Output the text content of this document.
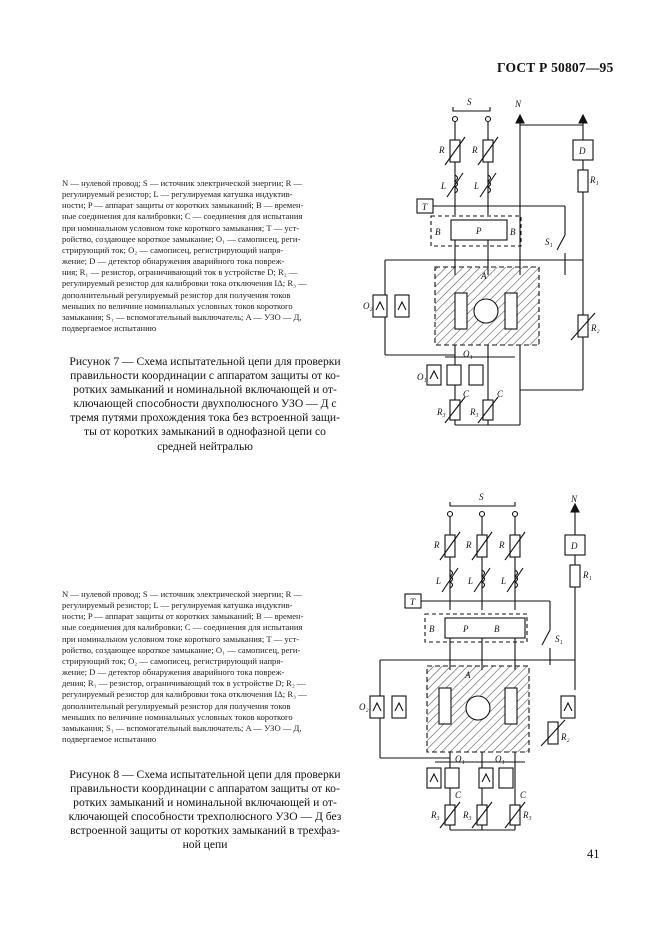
ГОСТ Р 50807—95

N — нулевой провод; S — источник электрической энергии; R —
регулируемый резистор; L — регулируемая катушка индуктив-
ности; P — аппарат защиты от коротких замыканий; B — времен-
ные соединения для калибровки; C — соединения для испытания
при номинальном условном токе короткого замыкания; T — уст-
ройство, создающее короткое замыкание; O₁ — самописец, реги-
стрирующий ток; O₂ — самописец, регистрирующий напря-
жение; D — детектор обнаружения аварийного тока повреж-
ния; R₁ — резистор, ограничивающий ток в устройстве D; R₂ —
регулируемый резистор для калибровки тока отключения IΔ; R₃ —
дополнительный регулируемый резистор для получения токов
меньших по величине номинальных условных токов короткого
замыкания; S₁ — вспомогательный выключатель; A — УЗО — Д,
подвергаемое испытанию

Рисунок 7 — Схема испытательной цепи для проверки
правильности координации с аппаратом защиты от ко-
ротких замыканий и номинальной включающей и от-
ключающей способности двухполюсного УЗО — Д с
тремя путями прохождения тока без встроенной защи-
ты от коротких замыканий в однофазной цепи со
средней нейтралью

S	N
R	R
L	L
D
R₁
T
P
B	B
S₁
A
O₂
R₂
O₁
O₁
C	C
R₃	R₃

N — нулевой провод; S — источник электрической энергии; R —
регулируемый резистор; L — регулируемая катушка индуктив-
ности; P — аппарат защиты от коротких замыканий; B — времен-
ные соединения для калибровки; C — соединения для испытания
при номинальном условном токе короткого замыкания; T — уст-
ройство, создающее короткое замыкание; O₁ — самописец, реги-
стрирующий ток; O₂ — самописец, регистрирующий напря-
жение; D — детектор обнаружения аварийного тока повреж-
дения; R₁ — резистор, ограничивающий ток в устройстве D; R₂ —
регулируемый резистор для калибровки тока отключения IΔ; R₃ —
дополнительный регулируемый резистор для получения токов
меньших по величине номинальных условных токов короткого
замыкания; S₁ — вспомогательный выключатель; A — УЗО — Д,
подвергаемое испытанию

Рисунок 8 — Схема испытательной цепи для проверки
правильности координации с аппаратом защиты от ко-
ротких замыканий и номинальной включающей и от-
ключающей способности трехполюсного УЗО — Д без
встроенной защиты от коротких замыканий в трехфаз-
ной цепи

S	N
R	R	R
L	L	L
D
R₁
T
P
B	B
S₁
A
O₂
R₂
O₁	O₁
C	C
R₃	R₃	R₃
41
